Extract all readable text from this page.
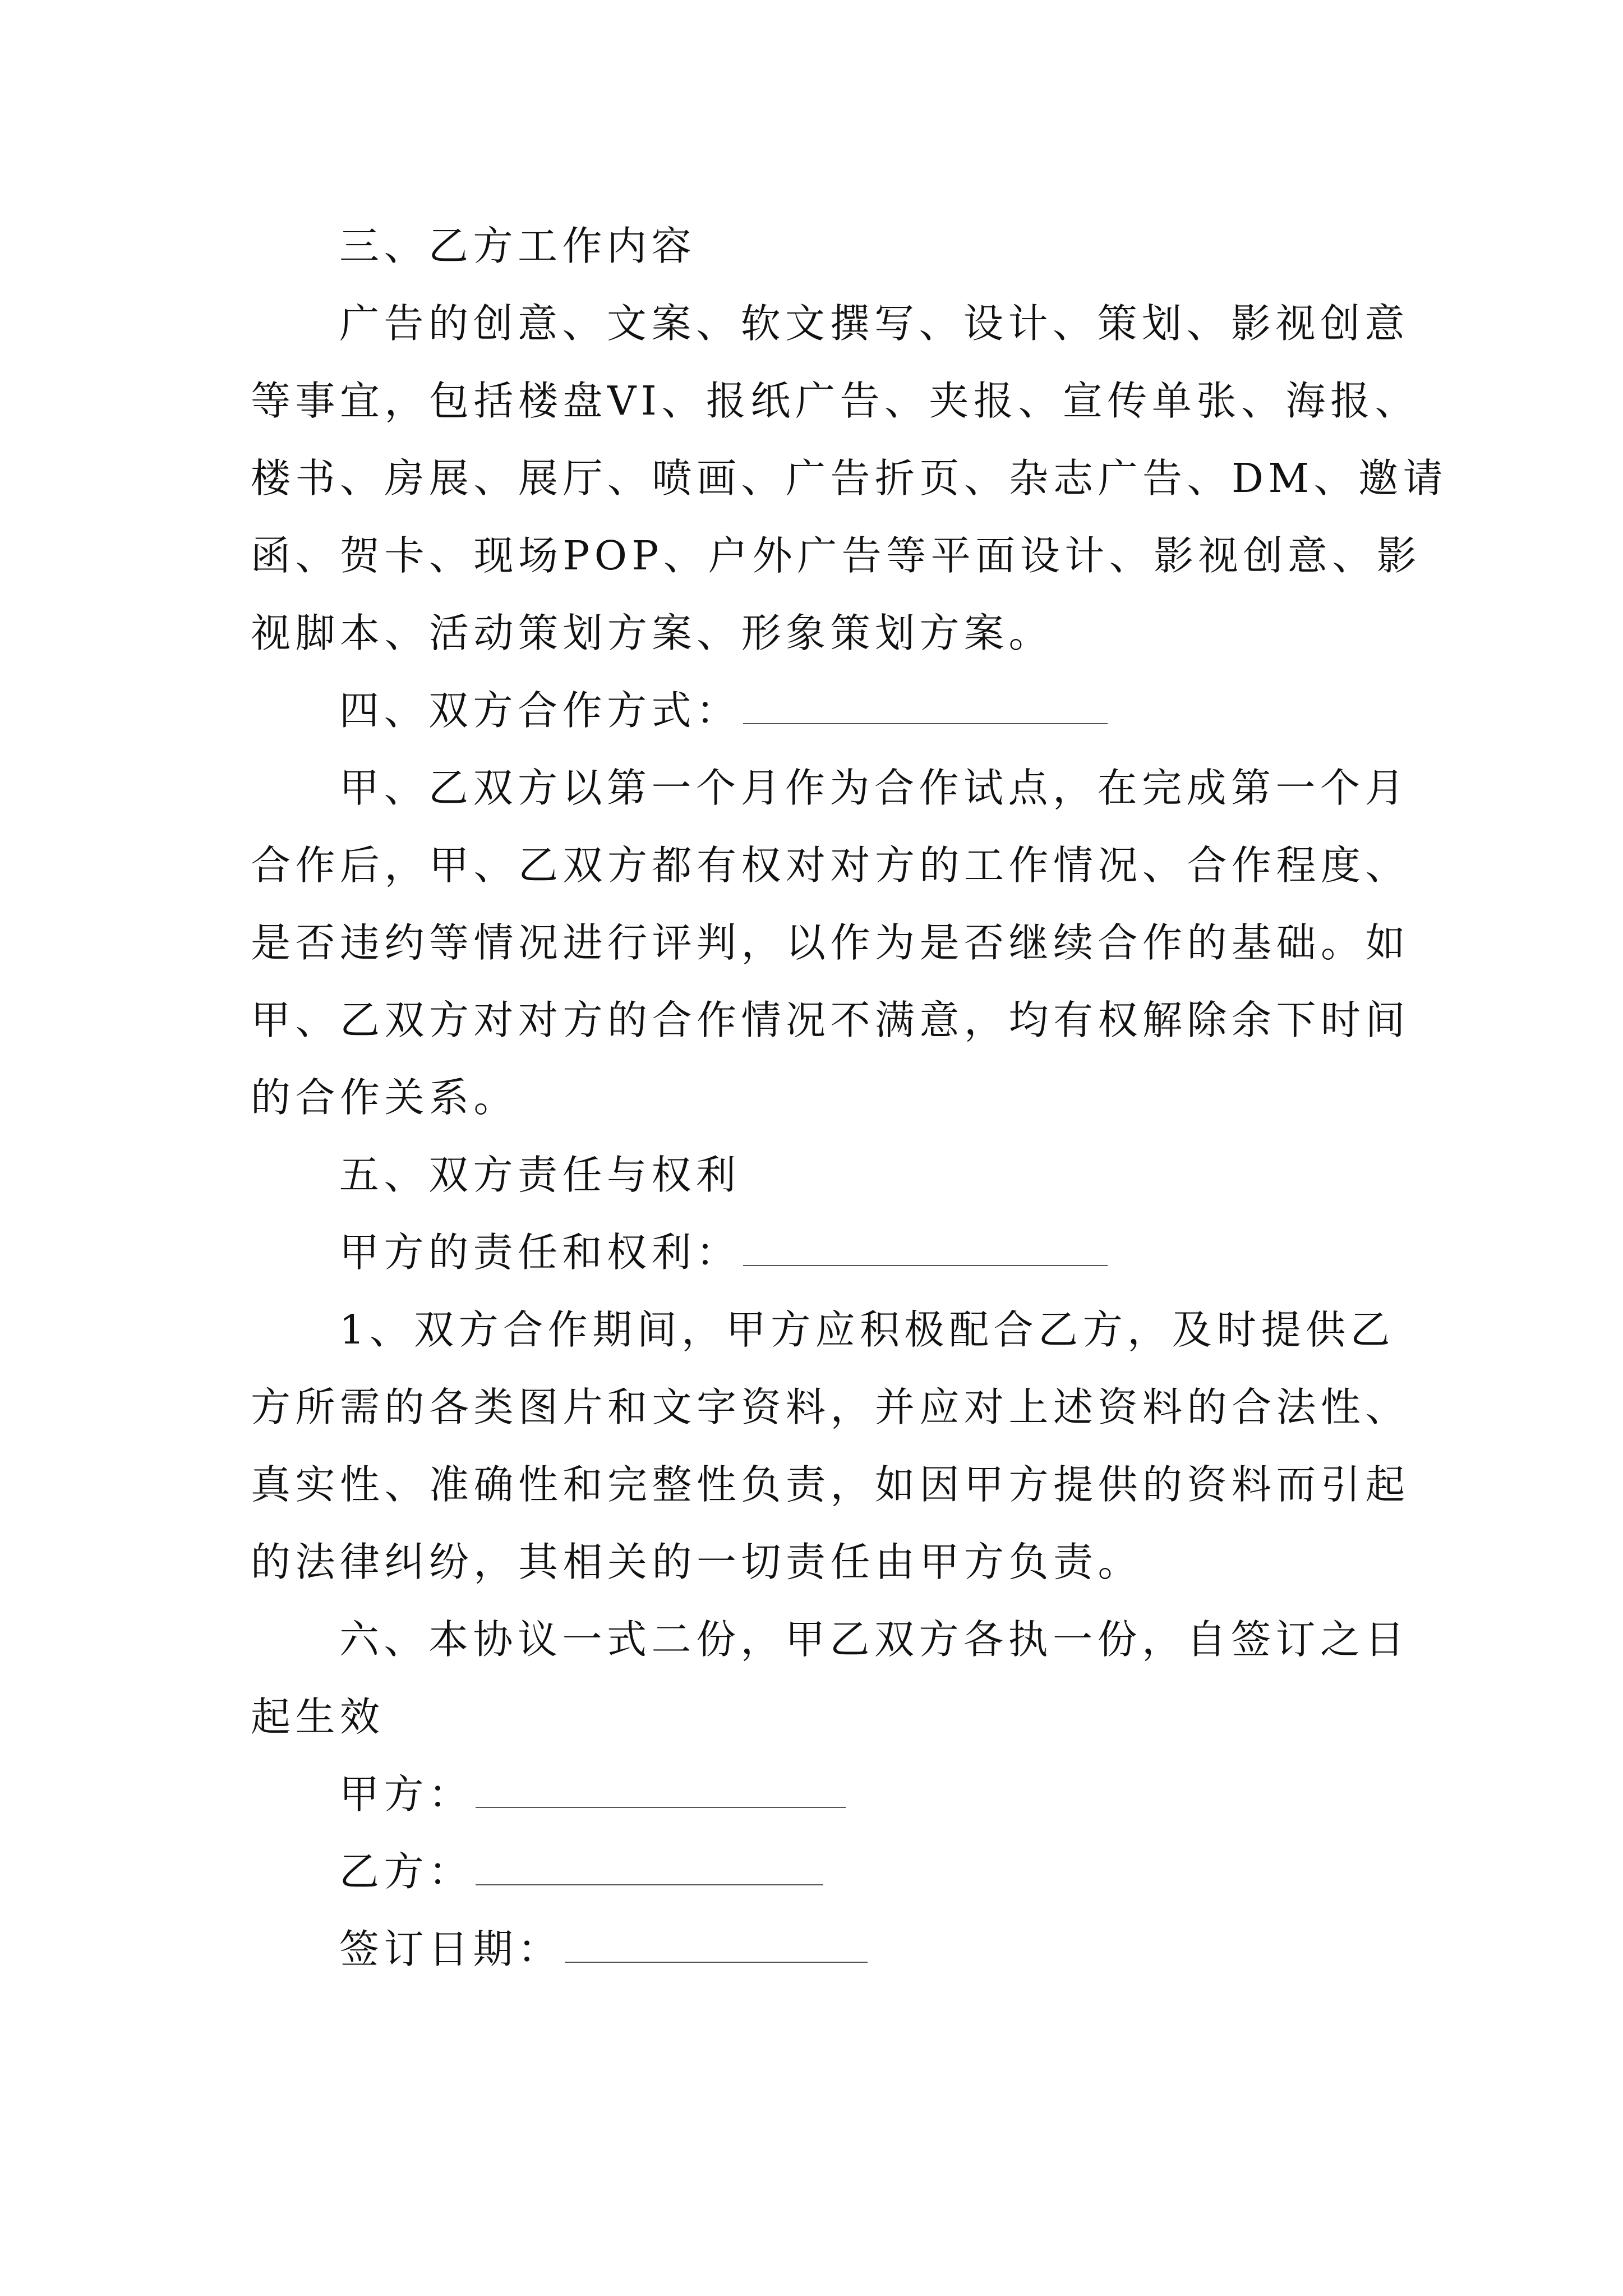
三、乙方工作内容
广告的创意、文案、软文撰写、设计、策划、影视创意
等事宜，包括楼盘VI、报纸广告、夹报、宣传单张、海报、
楼书、房展、展厅、喷画、广告折页、杂志广告、DM、邀请
函、贺卡、现场POP、户外广告等平面设计、影视创意、影
视脚本、活动策划方案、形象策划方案。
四、双方合作方式：
甲、乙双方以第一个月作为合作试点，在完成第一个月
合作后，甲、乙双方都有权对对方的工作情况、合作程度、
是否违约等情况进行评判，以作为是否继续合作的基础。如
甲、乙双方对对方的合作情况不满意，均有权解除余下时间
的合作关系。
五、双方责任与权利
甲方的责任和权利：
1、双方合作期间，甲方应积极配合乙方，及时提供乙
方所需的各类图片和文字资料，并应对上述资料的合法性、
真实性、准确性和完整性负责，如因甲方提供的资料而引起
的法律纠纷，其相关的一切责任由甲方负责。
六、本协议一式二份，甲乙双方各执一份，自签订之日
起生效
甲方：
乙方：
签订日期：
